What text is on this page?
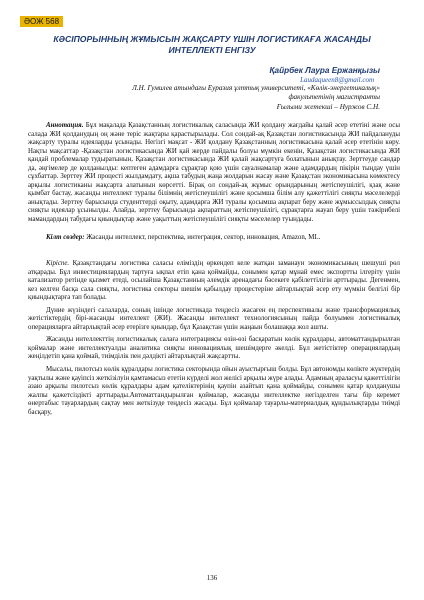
ӘОЖ 568
КӘСІПОРЫННЫҢ ЖҰМЫСЫН ЖАҚСАРТУ ҮШІН ЛОГИСТИКАҒА ЖАСАНДЫ ИНТЕЛЛЕКТІ ЕНГІЗУ
Қайрбек Лаура Ержанқызы
Laudaqueen8@gmail.com
Л.Н. Гумилев атындағы Еуразия ұлттық университеті, «Көлік-энергетикалық»
факультетінің магистранты
Ғылыми жетекші – Нуржов С.Н.

Аннотация. Бұл мақалада Қазақстанның логистикалық саласында ЖИ қолдану жағдайы қалай әсер ететіні және осы салада ЖИ қолданудың оң және теріс жақтары қарастырылады. Сол сондай-ақ Қазақстан логистикасында ЖИ пайдалануды жақсарту туралы идеяларды ұсынады. Негізгі мақсат - ЖИ қолдану Қазақстанның логистикасына қалай әсер ететінін көру. Нақты мақсаттар -Қазақстан логистикасында ЖИ қай жерде пайдалы болуы мүмкін екенін, Қазақстан логистикасында ЖИ қандай проблемалар тудыратынын, Қазақстан логистикасында ЖИ қалай жақсартуға болатынын анықтау. Зерттеуде сандар да, әңгімелер де қолданылды: кептеген адамдарға сұрақтар қою үшін сауалнамалар және адамдардың пікірін тыңдау үшін сұхбаттар. Зерттеу ЖИ процесті жылдамдату, ақша табудың жаңа жолдарын жасау және Қазақстан экономикасына көмектесу арқылы логистиканы жақсарта алатынын көрсетті. Бірақ ол сондай-ақ жұмыс орындарының жетіспеушілігі, қзақ және қымбат бастау, жасанды интеллект туралы білімнің жетіспеушілігі және қосымша білім алу қажеттілігі сияқты мәселелерді анықтады. Зерттеу барысында студенттерді оқыту, адамдарға ЖИ туралы қосымша ақпарат беру және жұмыссыздық сияқты сияқты идеялар ұсынылды. Алайда, зерттеу барысында ақпараттың жетіспеушілігі, сұрақтарға жауап беру үшін тәжірибелі мамандардың табудағы қиындықтар және уақыттың жетіспеушілігі сияқты мәселелер туындады.

Кілт сөздер: Жасанды интеллект, перспектива, интеграция, сектор, инновация, Amazon, ML.

Кіріспе. Қазақстандағы логистика саласы еліміздің өркендеп келе жатқан заманауи экономикасының шешуші рөл атқарады. Бұл инвестициялардың тартуға ықпал етіп қана қоймайды, сонымен қатар мұнай емес экспортты ілгеріту үшін катализатор ретінде қызмет етеді, осылайша Қазақстанның әлемдік аренадағы бәсекеге қабілеттілігін арттырады. Дегенмен, кез келген басқа сала сияқты, логистика секторы шешім қабылдау процестеріне айтарлықтай әсер ету мүмкін белгілі бір қиындықтарға тап болады.

Дүние жүзіндегі салаларда, соның ішінде логистикада теңдесіз жасағен ең перспективалы және трансформациялық жетістіктердің бірі-жасанды интеллект (ЖИ). Жасанды интеллект технологиясының пайда болуымен логистикалық операцияларға айтарлықтай әсер етерізге қиындар, бұл Қазақстан үшін жаңаын болашаққа жол ашты.

Жасанды интеллекттің логистикалық салаға интеграциясы өзін-өзі басқаратын көлік құралдары, автоматтандырылған қоймалар және интеллектуалды аналитика сияқты инновациялық шешімдерге әкелді. Бұл жетістіктер операциялардың жеңілдетіп қана қоймай, тиімділік пен дәлдікті айтарлықтай жақсартты.

Мысалы, пилотсыз көлік құралдары логистика секторында ойын ауыстырғыш болды. Бұл автономды көлікте жүктердің уақтылы және қауіпсіз жеткізілуін қамтамасыз ететін күрделі жол желісі арқылы жүре алады. Адамның араласуы қажеттілігін азаю арқылы пилотсыз көлік құралдары адам қателіктерінің қаупін азайтып қана қоймайды, сонымен қатар қолданушы жалпы қажетсіздікті арттырады.Автоматтандырылған қоймалар, жасанды интеллектке негізделген тағы бір керемет өнертабыс тауарлардың сақтау мен жеткізуде теңдесіз жасады. Бұл қоймалар тауарлы-материалдық құндылықтарды тиімді басқару,

136
